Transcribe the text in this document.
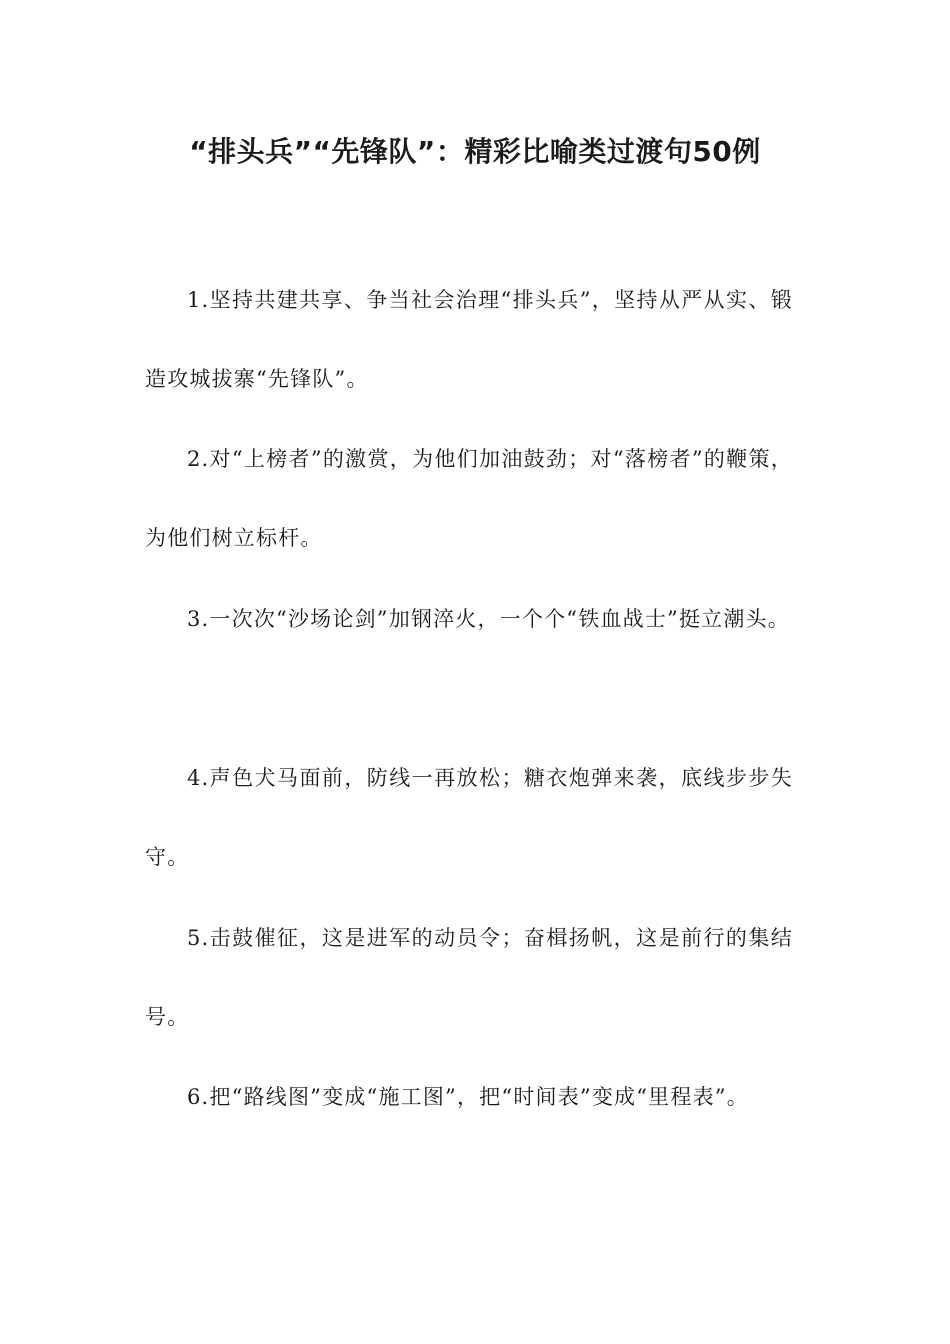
“排头兵”“先锋队”：精彩比喻类过渡句50例

1.坚持共建共享、争当社会治理“排头兵”，坚持从严从实、锻造攻城拔寨“先锋队”。

2.对“上榜者”的激赏，为他们加油鼓劲；对“落榜者”的鞭策，为他们树立标杆。

3.一次次“沙场论剑”加钢淬火，一个个“铁血战士”挺立潮头。

4.声色犬马面前，防线一再放松；糖衣炮弹来袭，底线步步失守。

5.击鼓催征，这是进军的动员令；奋楫扬帆，这是前行的集结号。

6.把“路线图”变成“施工图”，把“时间表”变成“里程表”。
